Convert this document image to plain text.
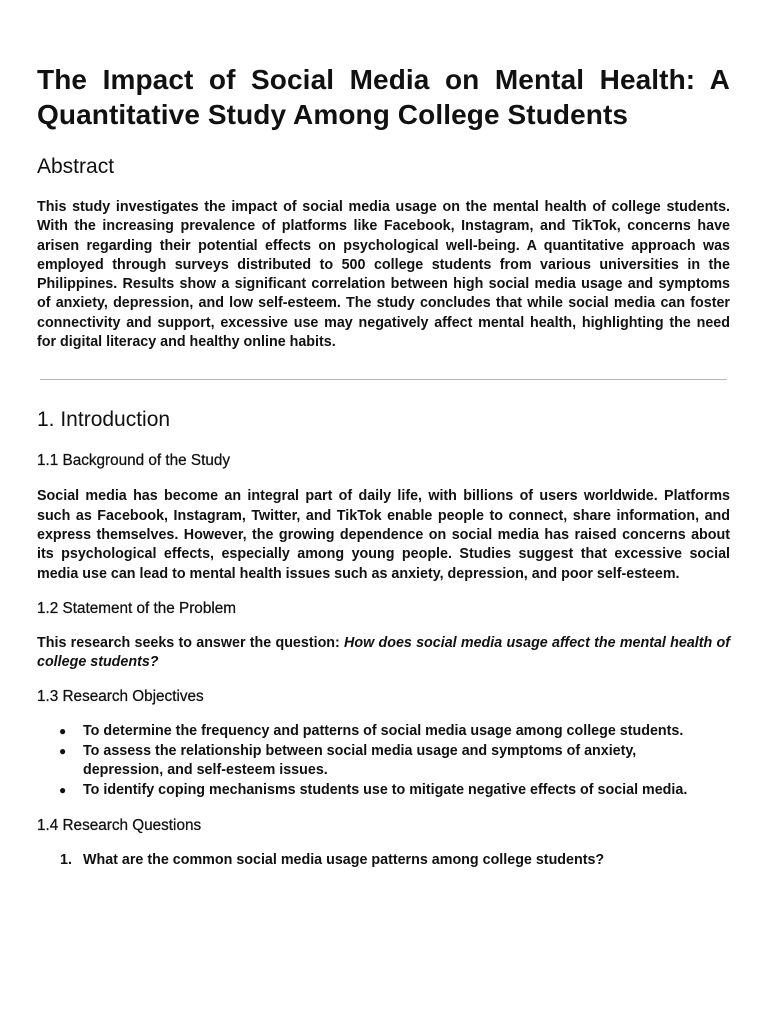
The Impact of Social Media on Mental Health: A Quantitative Study Among College Students
Abstract

This study investigates the impact of social media usage on the mental health of college students. With the increasing prevalence of platforms like Facebook, Instagram, and TikTok, concerns have arisen regarding their potential effects on psychological well-being. A quantitative approach was employed through surveys distributed to 500 college students from various universities in the Philippines. Results show a significant correlation between high social media usage and symptoms of anxiety, depression, and low self-esteem. The study concludes that while social media can foster connectivity and support, excessive use may negatively affect mental health, highlighting the need for digital literacy and healthy online habits.

1. Introduction
1.1 Background of the Study

Social media has become an integral part of daily life, with billions of users worldwide. Platforms such as Facebook, Instagram, Twitter, and TikTok enable people to connect, share information, and express themselves. However, the growing dependence on social media has raised concerns about its psychological effects, especially among young people. Studies suggest that excessive social media use can lead to mental health issues such as anxiety, depression, and poor self-esteem.

1.2 Statement of the Problem

This research seeks to answer the question: How does social media usage affect the mental health of college students?

1.3 Research Objectives
● To determine the frequency and patterns of social media usage among college students.
● To assess the relationship between social media usage and symptoms of anxiety, depression, and self-esteem issues.
● To identify coping mechanisms students use to mitigate negative effects of social media.
1.4 Research Questions
1. What are the common social media usage patterns among college students?
